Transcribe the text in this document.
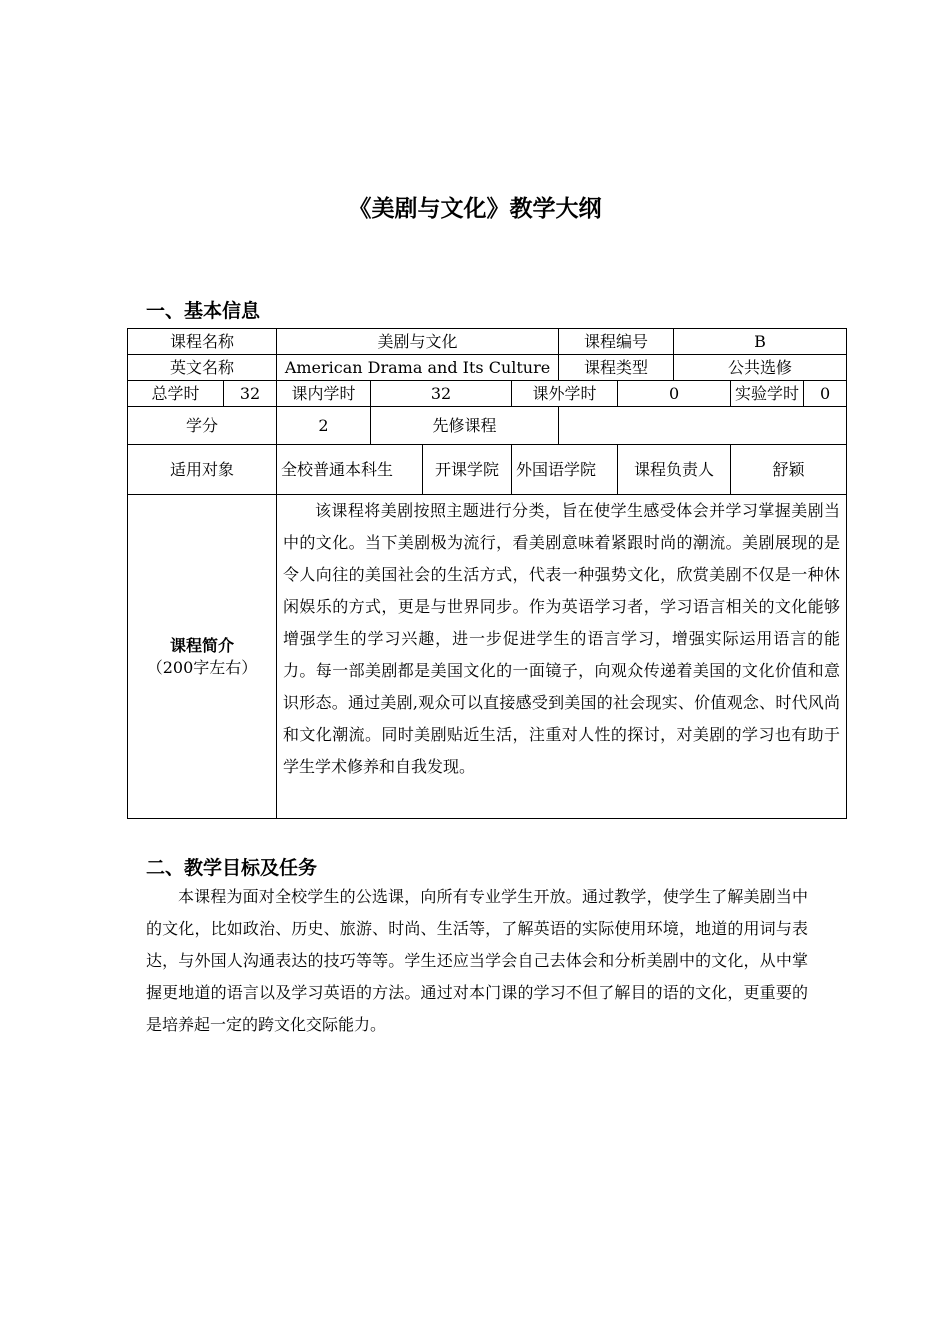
《美剧与文化》教学大纲
一、基本信息
课程名称		美剧与文化				课程编号		B		
英文名称		American Drama and Its Culture				课程类型		公共选修		
总学时	32	课内学时	32		课外学时		0		实验学时	0
学分		2	先修课程							
适用对象		全校普通本科生		开课学院	外国语学院		课程负责人		舒颖	

课程简介
（200字左右）		该课程将美剧按照主题进行分类，旨在使学生感受体会并学习掌握美剧当中的文化。当下美剧极为流行，看美剧意味着紧跟时尚的潮流。美剧展现的是令人向往的美国社会的生活方式，代表一种强势文化，欣赏美剧不仅是一种休闲娱乐的方式，更是与世界同步。作为英语学习者，学习语言相关的文化能够增强学生的学习兴趣，进一步促进学生的语言学习，增强实际运用语言的能力。每一部美剧都是美国文化的一面镜子，向观众传递着美国的文化价值和意识形态。通过美剧,观众可以直接感受到美国的社会现实、价值观念、时代风尚和文化潮流。同时美剧贴近生活，注重对人性的探讨，对美剧的学习也有助于学生学术修养和自我发现。								
二、教学目标及任务
本课程为面对全校学生的公选课，向所有专业学生开放。通过教学，使学生了解美剧当中的文化，比如政治、历史、旅游、时尚、生活等，了解英语的实际使用环境，地道的用词与表达，与外国人沟通表达的技巧等等。学生还应当学会自己去体会和分析美剧中的文化，从中掌握更地道的语言以及学习英语的方法。通过对本门课的学习不但了解目的语的文化，更重要的是培养起一定的跨文化交际能力。
